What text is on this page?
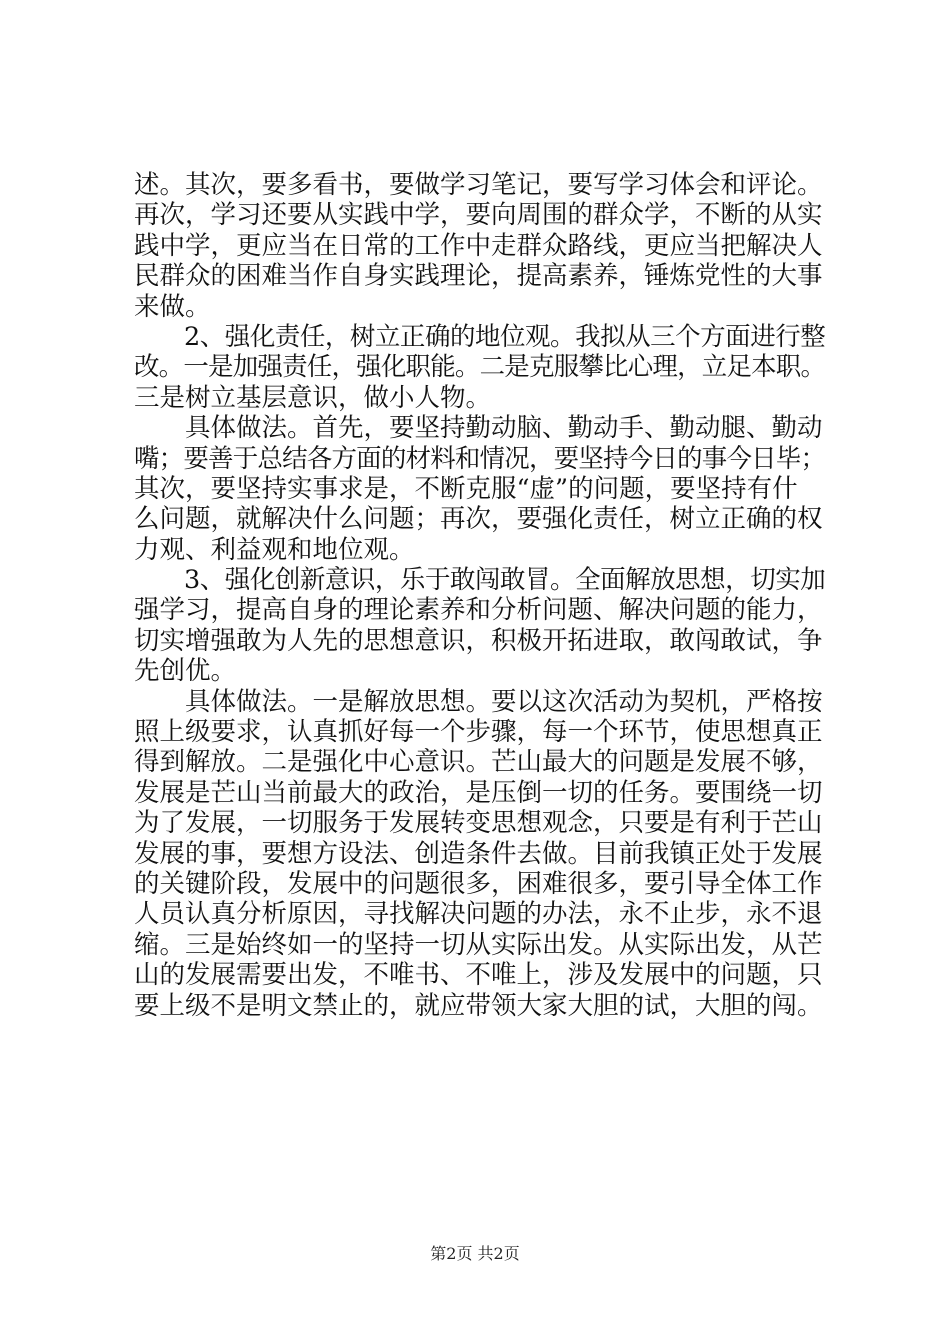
述。其次，要多看书，要做学习笔记，要写学习体会和评论。
再次，学习还要从实践中学，要向周围的群众学，不断的从实
践中学，更应当在日常的工作中走群众路线，更应当把解决人
民群众的困难当作自身实践理论，提高素养，锤炼党性的大事
来做。
　　2、强化责任，树立正确的地位观。我拟从三个方面进行整
改。一是加强责任，强化职能。二是克服攀比心理，立足本职。
三是树立基层意识，做小人物。
　　具体做法。首先，要坚持勤动脑、勤动手、勤动腿、勤动
嘴；要善于总结各方面的材料和情况，要坚持今日的事今日毕；
其次，要坚持实事求是，不断克服“虚”的问题，要坚持有什
么问题，就解决什么问题；再次，要强化责任，树立正确的权
力观、利益观和地位观。
　　3、强化创新意识，乐于敢闯敢冒。全面解放思想，切实加
强学习，提高自身的理论素养和分析问题、解决问题的能力，
切实增强敢为人先的思想意识，积极开拓进取，敢闯敢试，争
先创优。
　　具体做法。一是解放思想。要以这次活动为契机，严格按
照上级要求，认真抓好每一个步骤，每一个环节，使思想真正
得到解放。二是强化中心意识。芒山最大的问题是发展不够，
发展是芒山当前最大的政治，是压倒一切的任务。要围绕一切
为了发展，一切服务于发展转变思想观念，只要是有利于芒山
发展的事，要想方设法、创造条件去做。目前我镇正处于发展
的关键阶段，发展中的问题很多，困难很多，要引导全体工作
人员认真分析原因，寻找解决问题的办法，永不止步，永不退
缩。三是始终如一的坚持一切从实际出发。从实际出发，从芒
山的发展需要出发，不唯书、不唯上，涉及发展中的问题，只
要上级不是明文禁止的，就应带领大家大胆的试，大胆的闯。
第2页 共2页
